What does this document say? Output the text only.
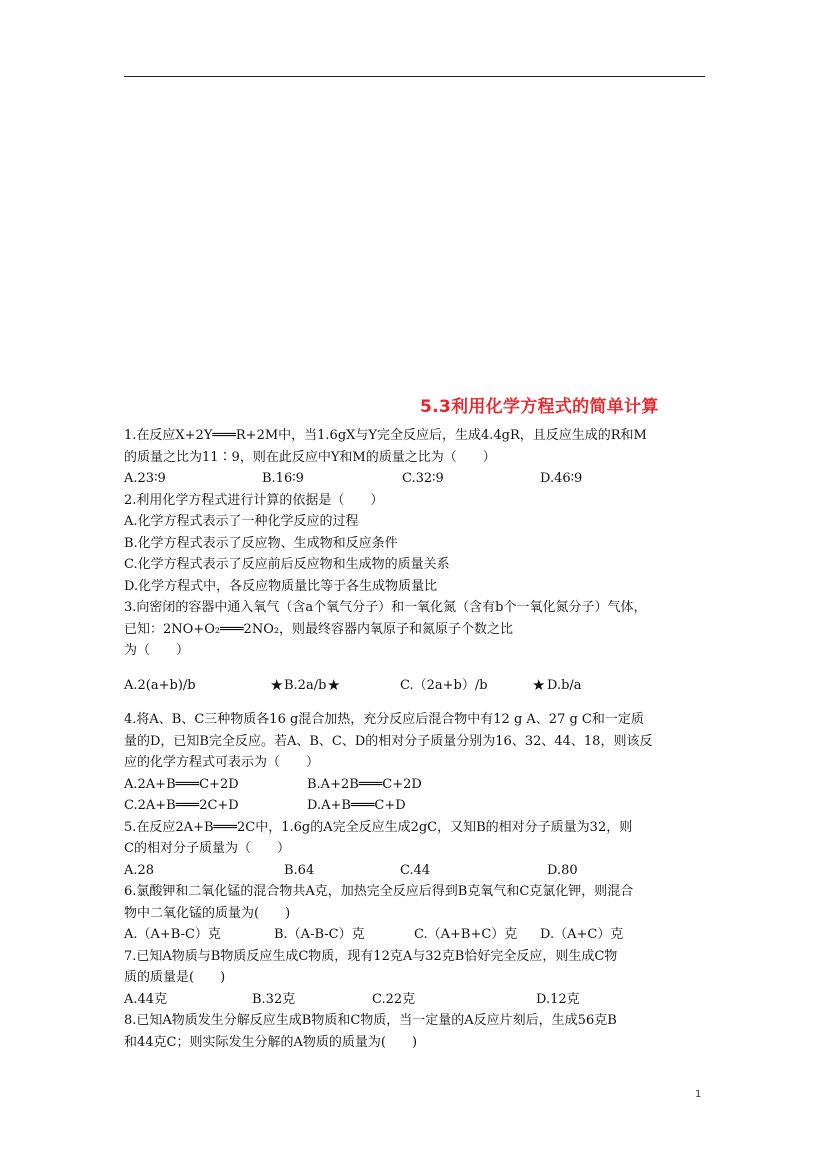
5.3利用化学方程式的简单计算
1.在反应X+2Y═══R+2M中，当1.6gX与Y完全反应后，生成4.4gR，且反应生成的R和M
的质量之比为11∶9，则在此反应中Y和M的质量之比为（　　）
A.23∶9	B.16∶9	C.32∶9	D.46∶9
2.利用化学方程式进行计算的依据是（　　）
A.化学方程式表示了一种化学反应的过程
B.化学方程式表示了反应物、生成物和反应条件
C.化学方程式表示了反应前后反应物和生成物的质量关系
D.化学方程式中，各反应物质量比等于各生成物质量比
3.向密闭的容器中通入氧气（含a个氧气分子）和一氧化氮（含有b个一氧化氮分子）气体，
已知：2NO+O₂═══2NO₂，则最终容器内氧原子和氮原子个数之比
为（　　）
A.2(a+b)/b	★ B.2a/b ★	C.（2a+b）/b	★ D.b/a
4.将A、B、C三种物质各16 g混合加热，充分反应后混合物中有12 g A、27 g C和一定质
量的D，已知B完全反应。若A、B、C、D的相对分子质量分别为16、32、44、18，则该反
应的化学方程式可表示为（　　）
A.2A+B═══C+2D	B.A+2B═══C+2D
C.2A+B═══2C+D	D.A+B═══C+D
5.在反应2A+B═══2C中，1.6g的A完全反应生成2gC，又知B的相对分子质量为32，则
C的相对分子质量为（　　）
A.28	B.64	C.44	D.80
6.氯酸钾和二氧化锰的混合物共A克，加热完全反应后得到B克氧气和C克氯化钾，则混合
物中二氧化锰的质量为(　　)
A.（A+B-C）克	B.（A-B-C）克	C.（A+B+C）克 D.（A+C）克
7.已知A物质与B物质反应生成C物质，现有12克A与32克B恰好完全反应，则生成C物
质的质量是(　　)
A.44克	B.32克	C.22克	D.12克
8.已知A物质发生分解反应生成B物质和C物质，当一定量的A反应片刻后，生成56克B
和44克C；则实际发生分解的A物质的质量为(　　)
1
